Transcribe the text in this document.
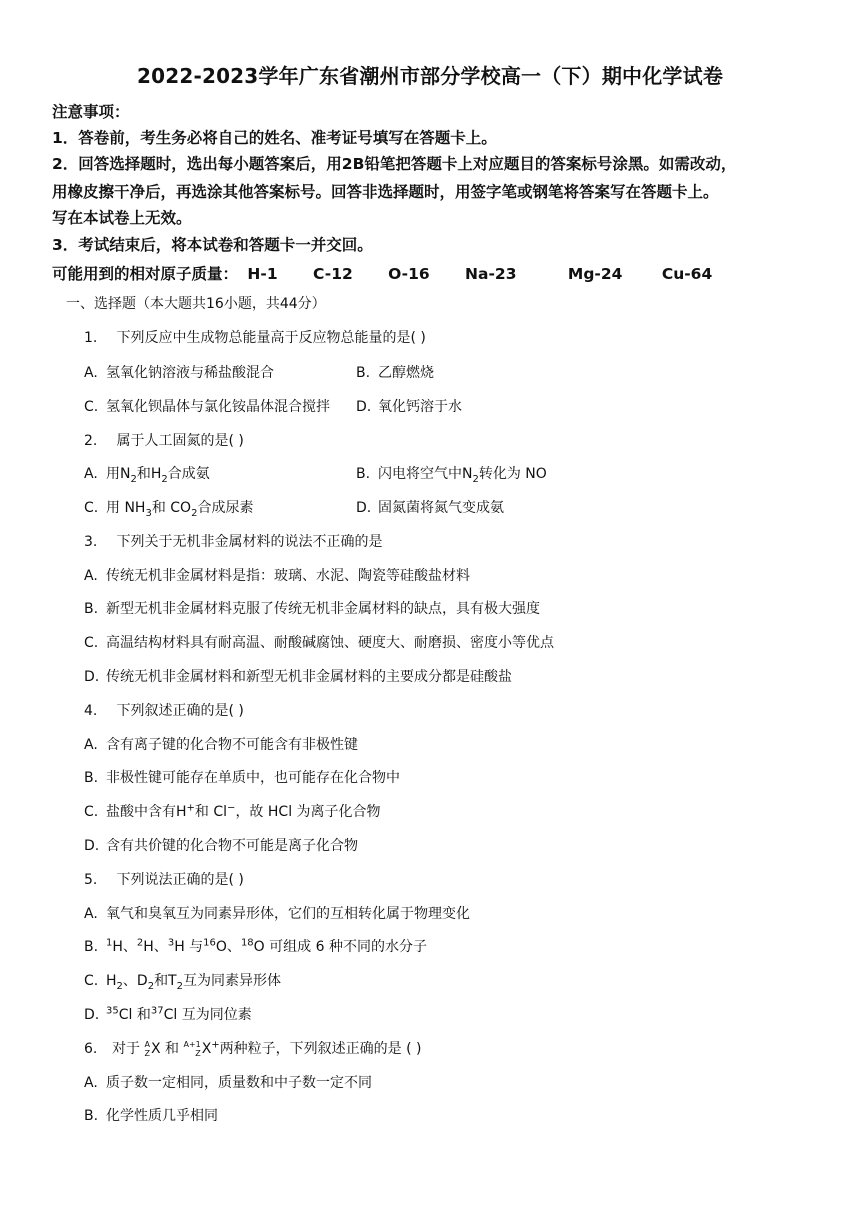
2022-2023学年广东省潮州市部分学校高一（下）期中化学试卷
注意事项：
1．答卷前，考生务必将自己的姓名、准考证号填写在答题卡上。
2．回答选择题时，选出每小题答案后，用2B铅笔把答题卡上对应题目的答案标号涂黑。如需改动，
用橡皮擦干净后，再选涂其他答案标号。回答非选择题时，用签字笔或钢笔将答案写在答题卡上。
写在本试卷上无效。
3．考试结束后，将本试卷和答题卡一并交回。
可能用到的相对原子质量： H-1 C-12 O-16 Na-23	Mg-24	Cu-64
一、选择题（本大题共16小题，共44分）
1. 下列反应中生成物总能量高于反应物总能量的是( )
A. 氢氧化钠溶液与稀盐酸混合	B. 乙醇燃烧
C. 氢氧化钡晶体与氯化铵晶体混合搅拌 D. 氧化钙溶于水
2. 属于人工固氮的是( )
A. 用$N_2$和$H_2$合成氨	B. 闪电将空气中$N_2$转化为 NO
C. 用 $NH_3$和 $CO_2$合成尿素	D. 固氮菌将氮气变成氨
3. 下列关于无机非金属材料的说法不正确的是
A. 传统无机非金属材料是指：玻璃、水泥、陶瓷等硅酸盐材料
B. 新型无机非金属材料克服了传统无机非金属材料的缺点，具有极大强度
C. 高温结构材料具有耐高温、耐酸碱腐蚀、硬度大、耐磨损、密度小等优点
D. 传统无机非金属材料和新型无机非金属材料的主要成分都是硅酸盐
4. 下列叙述正确的是( )
A. 含有离子键的化合物不可能含有非极性键
B. 非极性键可能存在单质中，也可能存在化合物中
C. 盐酸中含有H+和 Cl−，故 HCl 为离子化合物
D. 含有共价键的化合物不可能是离子化合物
5. 下列说法正确的是( )
A. 氧气和臭氧互为同素异形体，它们的互相转化属于物理变化
B. $^1$H、$^2$H、$^3$H 与$^{16}$O、$^{18}$O 可组成 6 种不同的水分子
C. $H_2$、$D_2$和$T_2$互为同素异形体
D. $^{35}$Cl 和$^{37}$Cl 互为同位素
6. 对于 A
ZX 和 A+1
ZX+两种粒子，下列叙述正确的是 ( )
A. 质子数一定相同，质量数和中子数一定不同
B. 化学性质几乎相同
